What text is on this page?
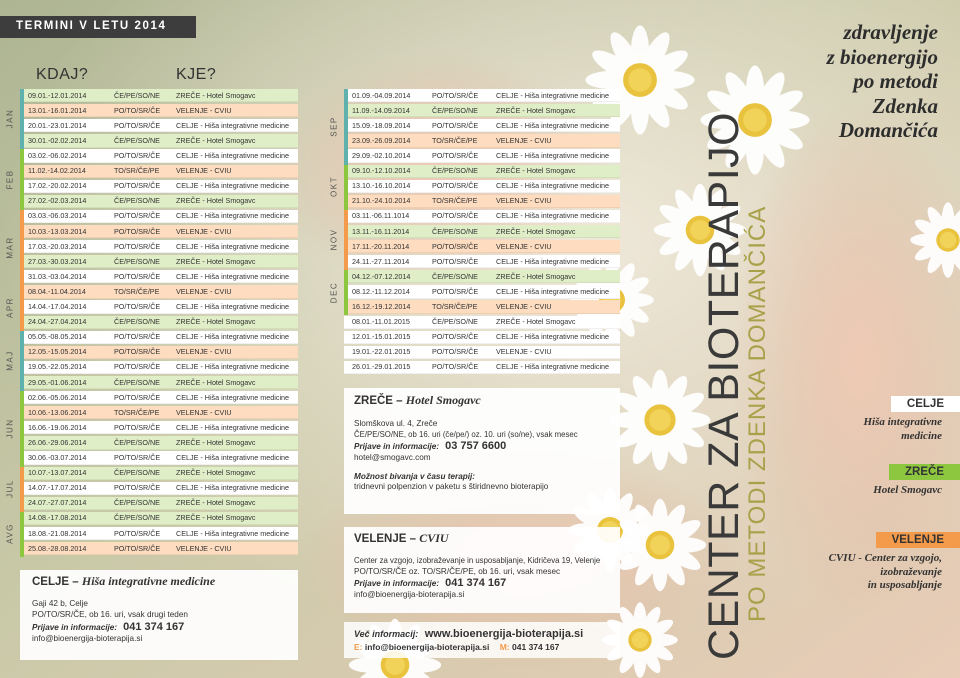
TERMINI V LETU 2014
KDAJ?	KJE?
09.01.-12.01.2014	ČE/PE/SO/NE ZREČE - Hotel Smogavc
13.01.-16.01.2014	PO/TO/SR/ČE VELENJE - CVIU
20.01.-23.01.2014	PO/TO/SR/ČE CELJE - Hiša integrativne medicine
30.01.-02.02.2014	ČE/PE/SO/NE ZREČE - Hotel Smogavc
03.02.-06.02.2014	PO/TO/SR/ČE CELJE - Hiša integrativne medicine
11.02.-14.02.2014	TO/SR/ČE/PE VELENJE - CVIU
17.02.-20.02.2014	PO/TO/SR/ČE CELJE - Hiša integrativne medicine
27.02.-02.03.2014	ČE/PE/SO/NE ZREČE - Hotel Smogavc
03.03.-06.03.2014	PO/TO/SR/ČE CELJE - Hiša integrativne medicine
10.03.-13.03.2014	PO/TO/SR/ČE VELENJE - CVIU
17.03.-20.03.2014	PO/TO/SR/ČE CELJE - Hiša integrativne medicine
27.03.-30.03.2014	ČE/PE/SO/NE ZREČE - Hotel Smogavc
31.03.-03.04.2014	PO/TO/SR/ČE CELJE - Hiša integrativne medicine
08.04.-11.04.2014	TO/SR/ČE/PE VELENJE - CVIU
14.04.-17.04.2014	PO/TO/SR/ČE CELJE - Hiša integrativne medicine
24.04.-27.04.2014	ČE/PE/SO/NE ZREČE - Hotel Smogavc
05.05.-08.05.2014	PO/TO/SR/ČE CELJE - Hiša integrativne medicine
12.05.-15.05.2014	PO/TO/SR/ČE VELENJE - CVIU
19.05.-22.05.2014	PO/TO/SR/ČE CELJE - Hiša integrativne medicine
29.05.-01.06.2014	ČE/PE/SO/NE ZREČE - Hotel Smogavc
02.06.-05.06.2014	PO/TO/SR/ČE CELJE - Hiša integrativne medicine
10.06.-13.06.2014	TO/SR/ČE/PE VELENJE - CVIU
16.06.-19.06.2014	PO/TO/SR/ČE CELJE - Hiša integrativne medicine
26.06.-29.06.2014	ČE/PE/SO/NE ZREČE - Hotel Smogavc
30.06.-03.07.2014	PO/TO/SR/ČE CELJE - Hiša integrativne medicine
10.07.-13.07.2014	ČE/PE/SO/NE ZREČE - Hotel Smogavc
14.07.-17.07.2014	PO/TO/SR/ČE CELJE - Hiša integrativne medicine
24.07.-27.07.2014	ČE/PE/SO/NE ZREČE - Hotel Smogavc
14.08.-17.08.2014	ČE/PE/SO/NE ZREČE - Hotel Smogavc
18.08.-21.08.2014	PO/TO/SR/ČE CELJE - Hiša integrativne medicine
25.08.-28.08.2014	PO/TO/SR/ČE VELENJE - CVIU
JAN
FEB
MAR
APR
MAJ
JUN
JUL
AVG
01.09.-04.09.2014	PO/TO/SR/ČE CELJE - Hiša integrativne medicine
11.09.-14.09.2014	ČE/PE/SO/NE	ZREČE - Hotel Smogavc
15.09.-18.09.2014	PO/TO/SR/ČE CELJE - Hiša integrativne medicine
23.09.-26.09.2014	TO/SR/ČE/PE	VELENJE - CVIU
29.09.-02.10.2014	PO/TO/SR/ČE CELJE - Hiša integrativne medicine
09.10.-12.10.2014	ČE/PE/SO/NE	ZREČE - Hotel Smogavc
13.10.-16.10.2014	PO/TO/SR/ČE CELJE - Hiša integrativne medicine
21.10.-24.10.2014	TO/SR/ČE/PE	VELENJE - CVIU
03.11.-06.11.1014	PO/TO/SR/ČE CELJE - Hiša integrativne medicine
13.11.-16.11.2014	ČE/PE/SO/NE	ZREČE - Hotel Smogavc
17.11.-20.11.2014	PO/TO/SR/ČE VELENJE - CVIU
24.11.-27.11.2014	PO/TO/SR/ČE CELJE - Hiša integrativne medicine
04.12.-07.12.2014	ČE/PE/SO/NE	ZREČE - Hotel Smogavc
08.12.-11.12.2014	PO/TO/SR/ČE CELJE - Hiša integrativne medicine
16.12.-19.12.2014	TO/SR/ČE/PE	VELENJE - CVIU
08.01.-11.01.2015	ČE/PE/SO/NE	ZREČE - Hotel Smogavc
12.01.-15.01.2015	PO/TO/SR/ČE CELJE - Hiša integrativne medicine
19.01.-22.01.2015	PO/TO/SR/ČE VELENJE - CVIU
26.01.-29.01.2015	PO/TO/SR/ČE CELJE - Hiša integrativne medicine
SEP
OKT
NOV
DEC
CELJE – Hiša integrativne medicine
Gaji 42 b, Celje
PO/TO/SR/ČE, ob 16. uri, vsak drugi teden
Prijave in informacije: 041 374 167
info@bioenergija-bioterapija.si
ZREČE – Hotel Smogavc
Slomškova ul. 4, Zreče
ČE/PE/SO/NE, ob 16. uri (če/pe/) oz. 10. uri (so/ne), vsak mesec
Prijave in informacije: 03 757 6600
hotel@smogavc.com
Možnost bivanja v času terapij:
tridnevni polpenzion v paketu s štiridnevno bioterapijo
VELENJE – CVIU
Center za vzgojo, izobraževanje in usposabljanje, Kidričeva 19, Velenje
PO/TO/SR/ČE oz. TO/SR/ČE/PE, ob 16. uri, vsak mesec
Prijave in informacije: 041 374 167
info@bioenergija-bioterapija.si
Več informacij: www.bioenergija-bioterapija.si
E: info@bioenergija-bioterapija.si M: 041 374 167
zdravljenje
z bioenergijo
po metodi
Zdenka
Domančića
CENTER ZA BIOTERAPIJO
PO METODI ZDENKA DOMANČIĆA	CELJE
Hiša integrativne
medicine
ZREČE
Hotel Smogavc
VELENJE
CVIU - Center za vzgojo,
izobraževanje
in usposabljanje
